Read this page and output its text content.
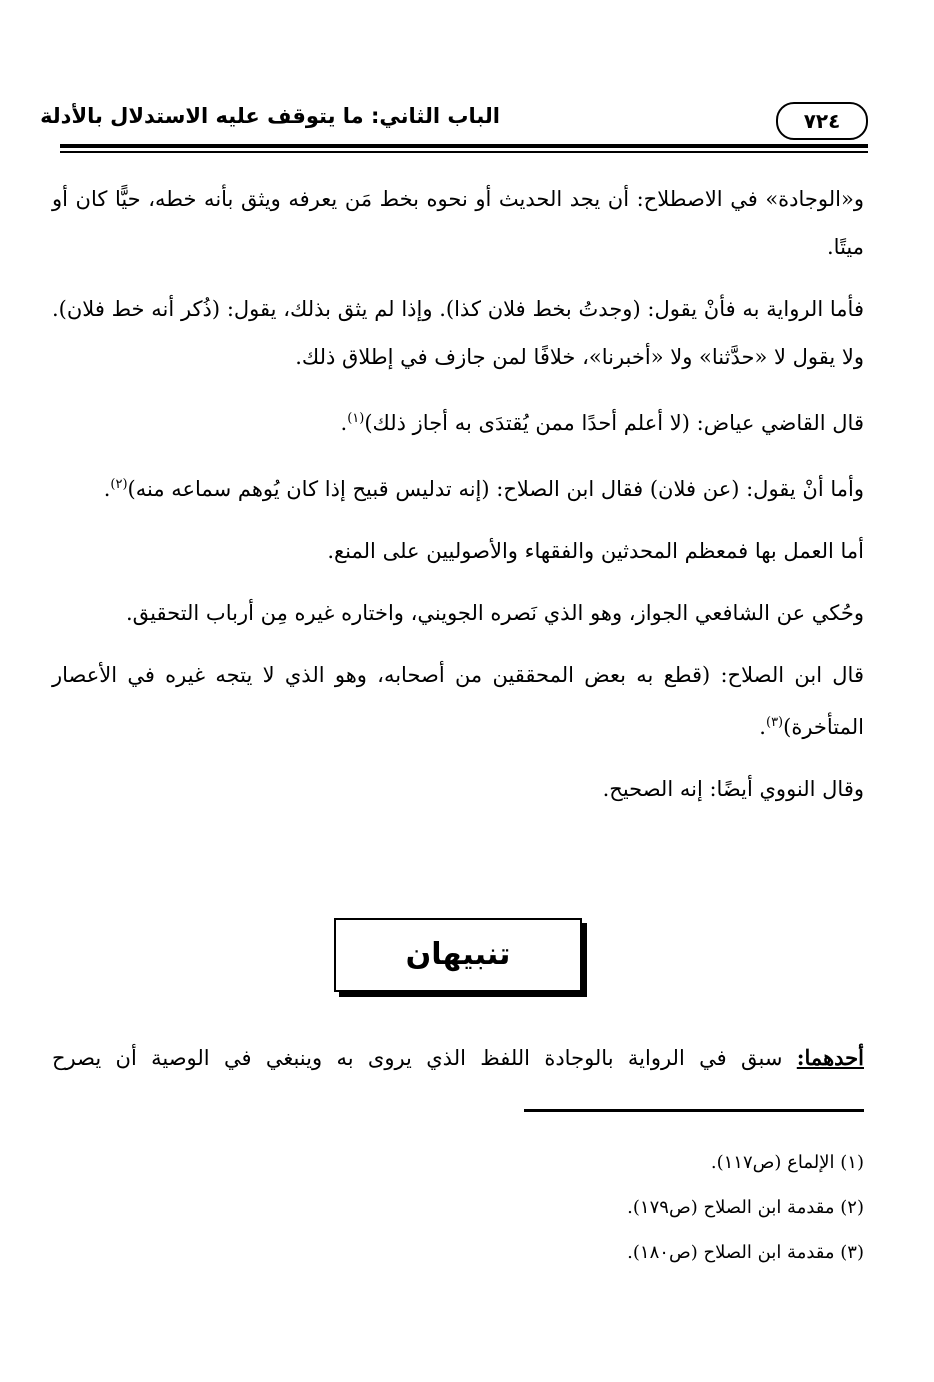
٧٢٤
الباب الثاني: ما يتوقف عليه الاستدلال بالأدلة

و«الوجادة» في الاصطلاح: أن يجد الحديث أو نحوه بخط مَن يعرفه ويثق بأنه خطه، حيًّا كان أو ميتًا.

فأما الرواية به فأنْ يقول: (وجدتُ بخط فلان كذا). وإذا لم يثق بذلك، يقول: (ذُكر أنه خط فلان). ولا يقول لا «حدَّثنا» ولا «أخبرنا»، خلافًا لمن جازف في إطلاق ذلك.

قال القاضي عياض: (لا أعلم أحدًا ممن يُقتدَى به أجاز ذلك)$^{(١)}$.

وأما أنْ يقول: (عن فلان) فقال ابن الصلاح: (إنه تدليس قبيح إذا كان يُوهم سماعه منه)$^{(٢)}$.

أما العمل بها فمعظم المحدثين والفقهاء والأصوليين على المنع.

وحُكي عن الشافعي الجواز، وهو الذي نَصره الجويني، واختاره غيره مِن أرباب التحقيق.

قال ابن الصلاح: (قطع به بعض المحققين من أصحابه، وهو الذي لا يتجه غيره في الأعصار المتأخرة)$^{(٣)}$.

وقال النووي أيضًا: إنه الصحيح.

تنبيهان
أحدهما: سبق في الرواية بالوجادة اللفظ الذي يروى به وينبغي في الوصية أن يصرح
(١) الإلماع (ص١١٧).
(٢) مقدمة ابن الصلاح (ص١٧٩).
(٣) مقدمة ابن الصلاح (ص١٨٠).
